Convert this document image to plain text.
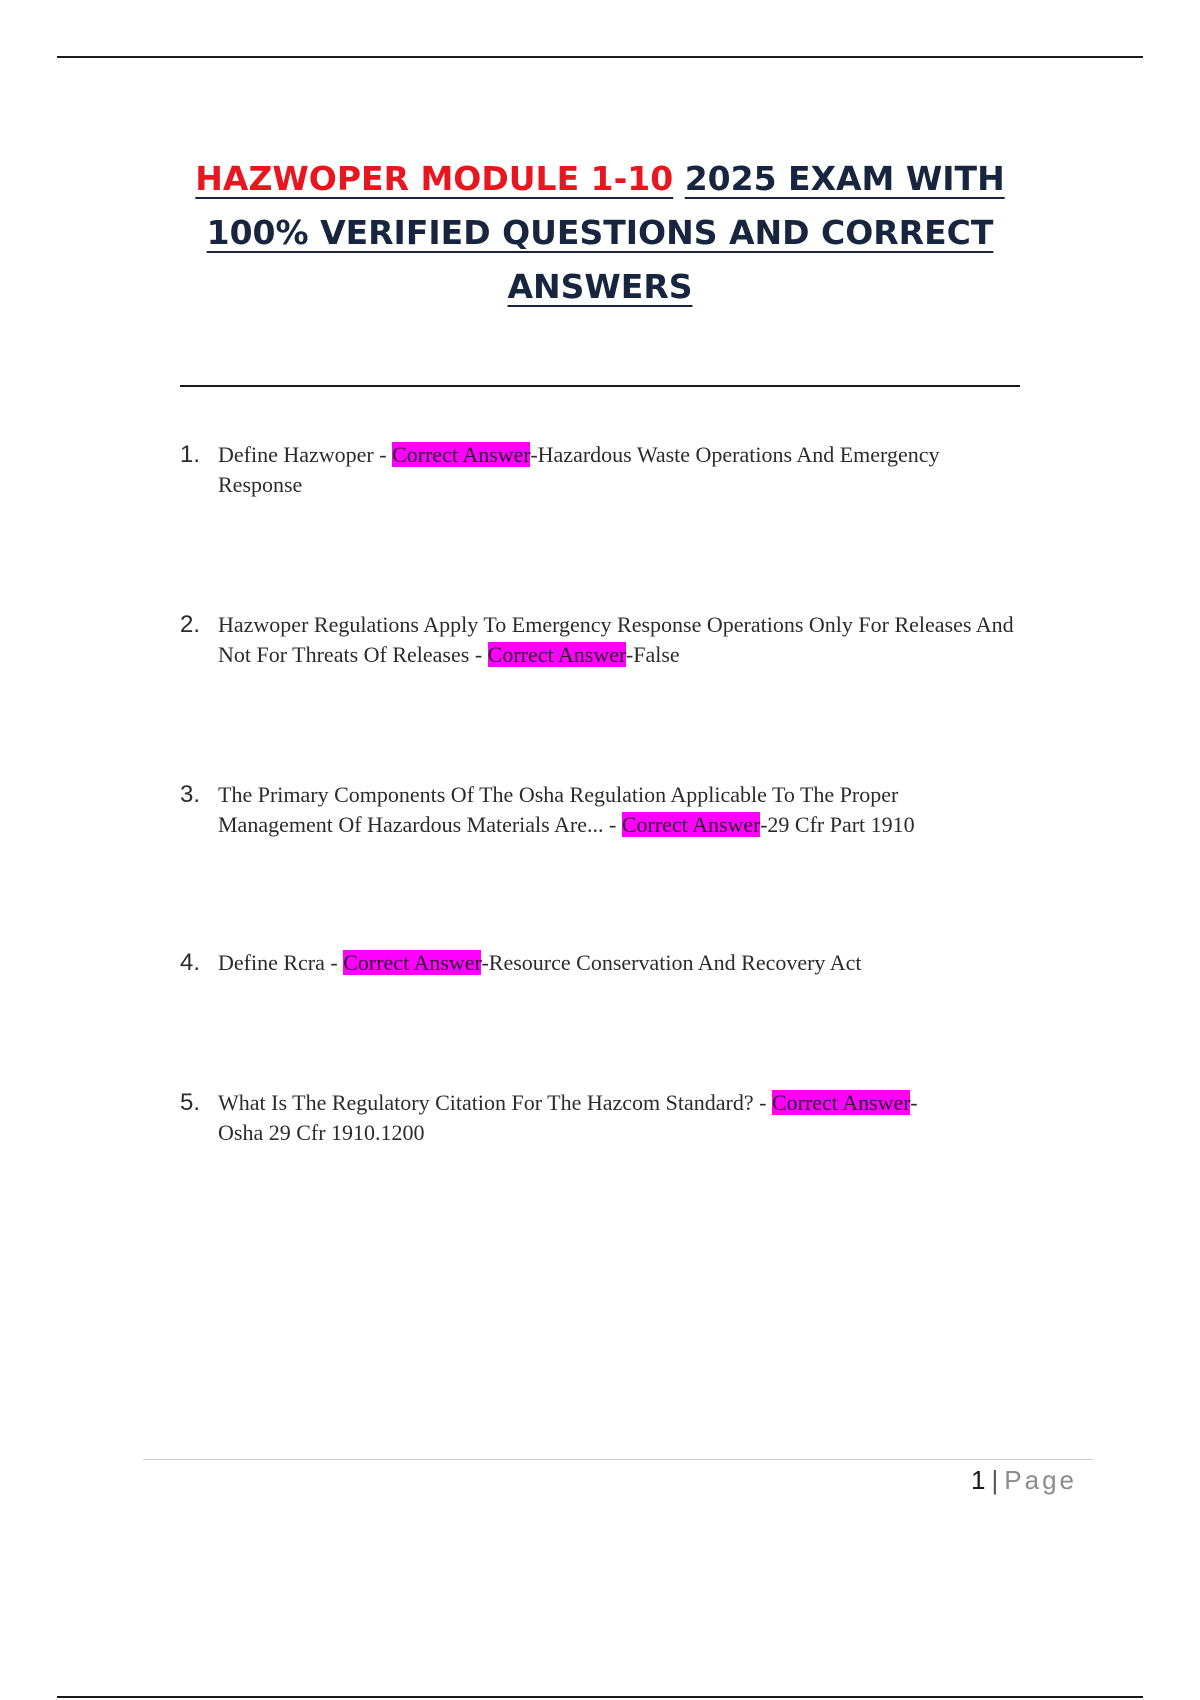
HAZWOPER MODULE 1-10 2025 EXAM WITH 100% VERIFIED QUESTIONS AND CORRECT ANSWERS
1. Define Hazwoper - Correct Answer-Hazardous Waste Operations And Emergency Response
2. Hazwoper Regulations Apply To Emergency Response Operations Only For Releases And Not For Threats Of Releases - Correct Answer-False
3. The Primary Components Of The Osha Regulation Applicable To The Proper Management Of Hazardous Materials Are... - Correct Answer-29 Cfr Part 1910
4. Define Rcra - Correct Answer-Resource Conservation And Recovery Act
5. What Is The Regulatory Citation For The Hazcom Standard? - Correct Answer-Osha 29 Cfr 1910.1200
1 | Page
